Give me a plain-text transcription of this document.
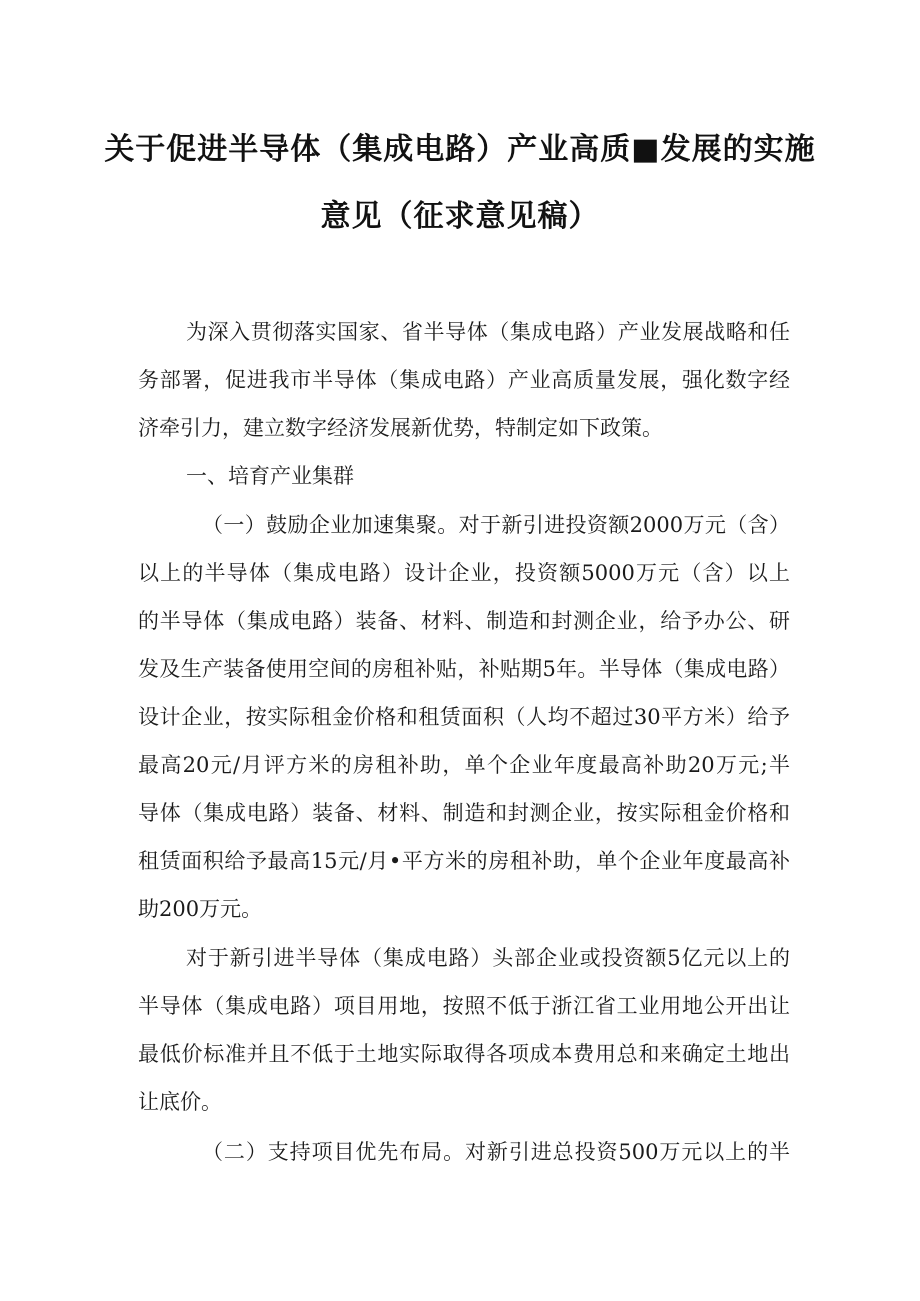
关于促进半导体（集成电路）产业高质■发展的实施
意见（征求意见稿）
为深入贯彻落实国家、省半导体（集成电路）产业发展战略和任
务部署，促进我市半导体（集成电路）产业高质量发展，强化数字经
济牵引力，建立数字经济发展新优势，特制定如下政策。
一、培育产业集群
（一）鼓励企业加速集聚。对于新引进投资额2000万元（含）
以上的半导体（集成电路）设计企业，投资额5000万元（含）以上
的半导体（集成电路）装备、材料、制造和封测企业，给予办公、研
发及生产装备使用空间的房租补贴，补贴期5年。半导体（集成电路）
设计企业，按实际租金价格和租赁面积（人均不超过30平方米）给予
最高20元/月评方米的房租补助，单个企业年度最高补助20万元;半
导体（集成电路）装备、材料、制造和封测企业，按实际租金价格和
租赁面积给予最高15元/月•平方米的房租补助，单个企业年度最高补
助200万元。
对于新引进半导体（集成电路）头部企业或投资额5亿元以上的
半导体（集成电路）项目用地，按照不低于浙江省工业用地公开出让
最低价标准并且不低于土地实际取得各项成本费用总和来确定土地出
让底价。
（二）支持项目优先布局。对新引进总投资500万元以上的半
